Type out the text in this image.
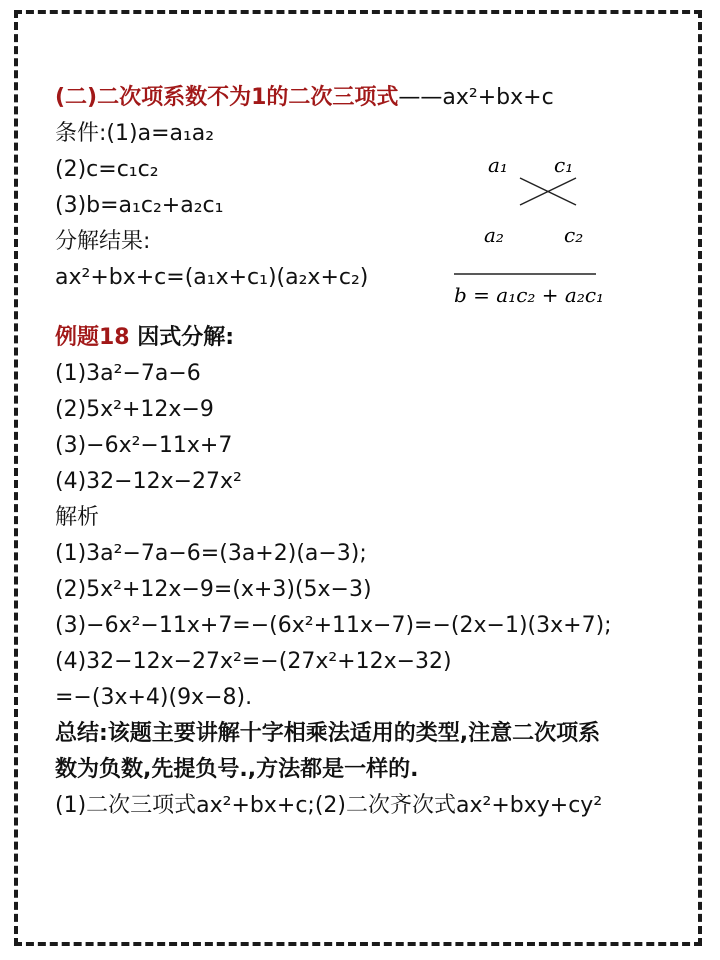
(二)二次项系数不为1的二次三项式——ax²+bx+c
条件:(1)a=a₁a₂
(2)c=c₁c₂
(3)b=a₁c₂+a₂c₁
分解结果:
ax²+bx+c=(a₁x+c₁)(a₂x+c₂)
例题18 因式分解:
(1)3a²−7a−6
(2)5x²+12x−9
(3)−6x²−11x+7
(4)32−12x−27x²
解析
(1)3a²−7a−6=(3a+2)(a−3);
(2)5x²+12x−9=(x+3)(5x−3)
(3)−6x²−11x+7=−(6x²+11x−7)=−(2x−1)(3x+7);
(4)32−12x−27x²=−(27x²+12x−32)
=−(3x+4)(9x−8).
总结:该题主要讲解十字相乘法适用的类型,注意二次项系
数为负数,先提负号.,方法都是一样的.
(1)二次三项式ax²+bx+c;(2)二次齐次式ax²+bxy+cy²
a₁ c₁
a₂	c₂
b = a₁c₂ + a₂c₁
